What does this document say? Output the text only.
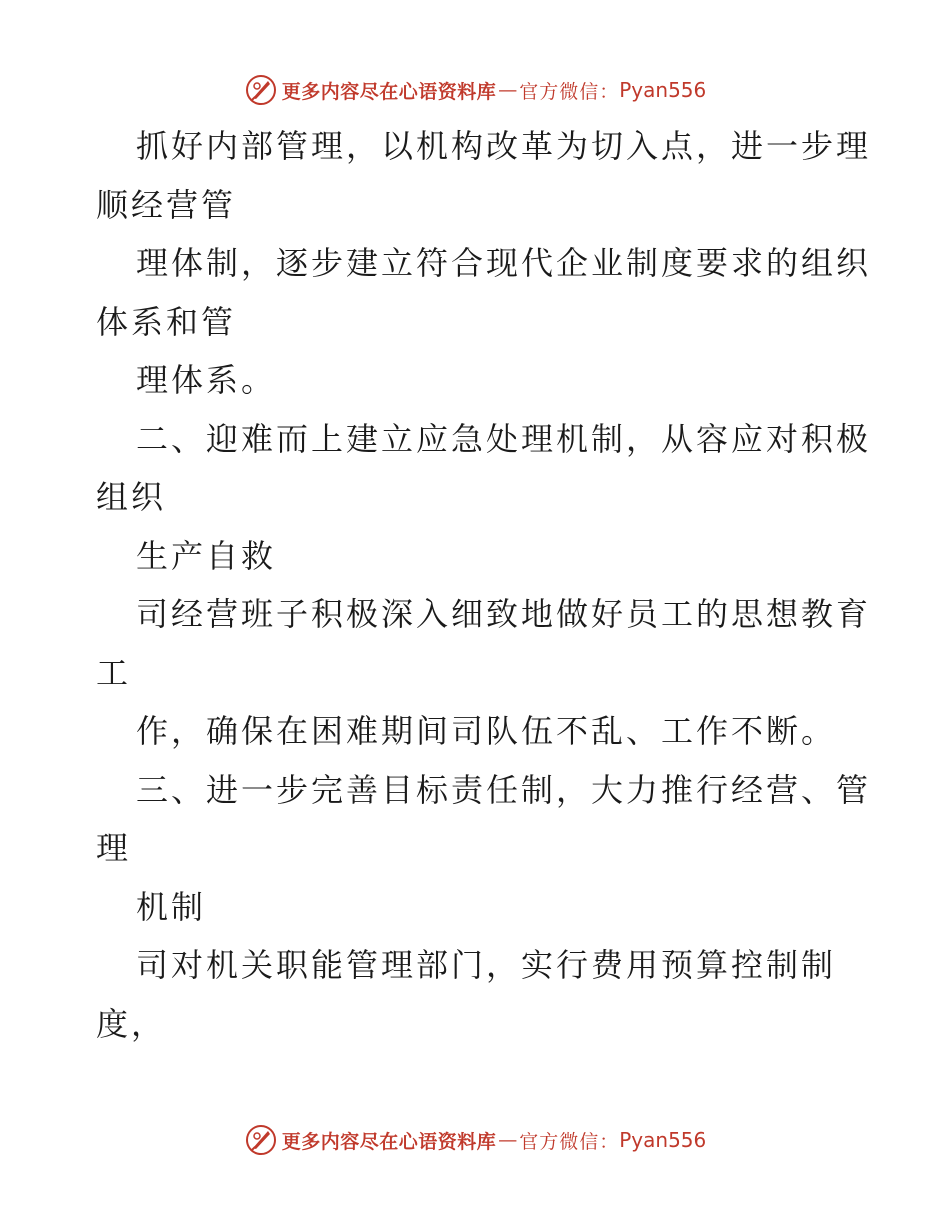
更多内容尽在心语资料库 — 官方微信： Pyan556
抓好内部管理，以机构改革为切入点，进一步理
顺经营管
理体制，逐步建立符合现代企业制度要求的组织
体系和管
理体系。
二、迎难而上建立应急处理机制，从容应对积极
组织
生产自救
司经营班子积极深入细致地做好员工的思想教育
工
作，确保在困难期间司队伍不乱、工作不断。
三、进一步完善目标责任制，大力推行经营、管
理
机制
司对机关职能管理部门，实行费用预算控制制
度，
更多内容尽在心语资料库 — 官方微信： Pyan556
